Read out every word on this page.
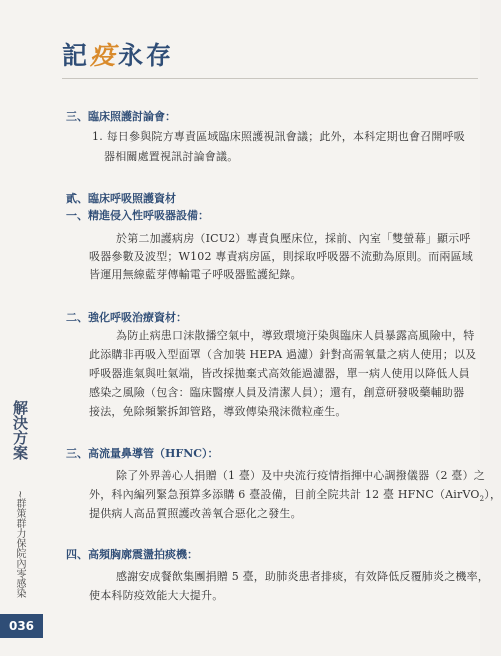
記疫永存
三、臨床照護討論會：
1. 每日參與院方專責區域臨床照護視訊會議；此外，本科定期也會召開呼吸
器相關處置視訊討論會議。
貳、臨床呼吸照護資材
一、精進侵入性呼吸器設備：
於第二加護病房（ICU2）專責負壓床位，採前、內室「雙螢幕」顯示呼
吸器參數及波型；W102 專責病房區，則採取呼吸器不流動為原則。而兩區域
皆運用無線藍芽傳輸電子呼吸器監護紀錄。
二、強化呼吸治療資材：
為防止病患口沫散播空氣中，導致環境汙染與臨床人員暴露高風險中，特
此添購非再吸入型面罩（含加裝 HEPA 過濾）針對高需氧量之病人使用；以及
呼吸器進氣與吐氣端，皆改採拋棄式高效能過濾器，單一病人使用以降低人員
感染之風險（包含：臨床醫療人員及清潔人員）；還有，創意研發吸藥輔助器
接法，免除頻繁拆卸管路，導致傳染飛沫微粒產生。
三、高流量鼻導管（HFNC）：
除了外界善心人捐贈（1 臺）及中央流行疫情指揮中心調撥儀器（2 臺）之
外，科內編列緊急預算多添購 6 臺設備，目前全院共計 12 臺 HFNC（AirVO$_2$），
提供病人高品質照護改善氧合惡化之發生。
四、高頻胸廓震盪拍痰機：
感謝安成餐飲集團捐贈 5 臺，助肺炎患者排痰，有效降低反覆肺炎之機率，
使本科防疫效能大大提升。
解決方案
~群策群力保院內零感染
036
